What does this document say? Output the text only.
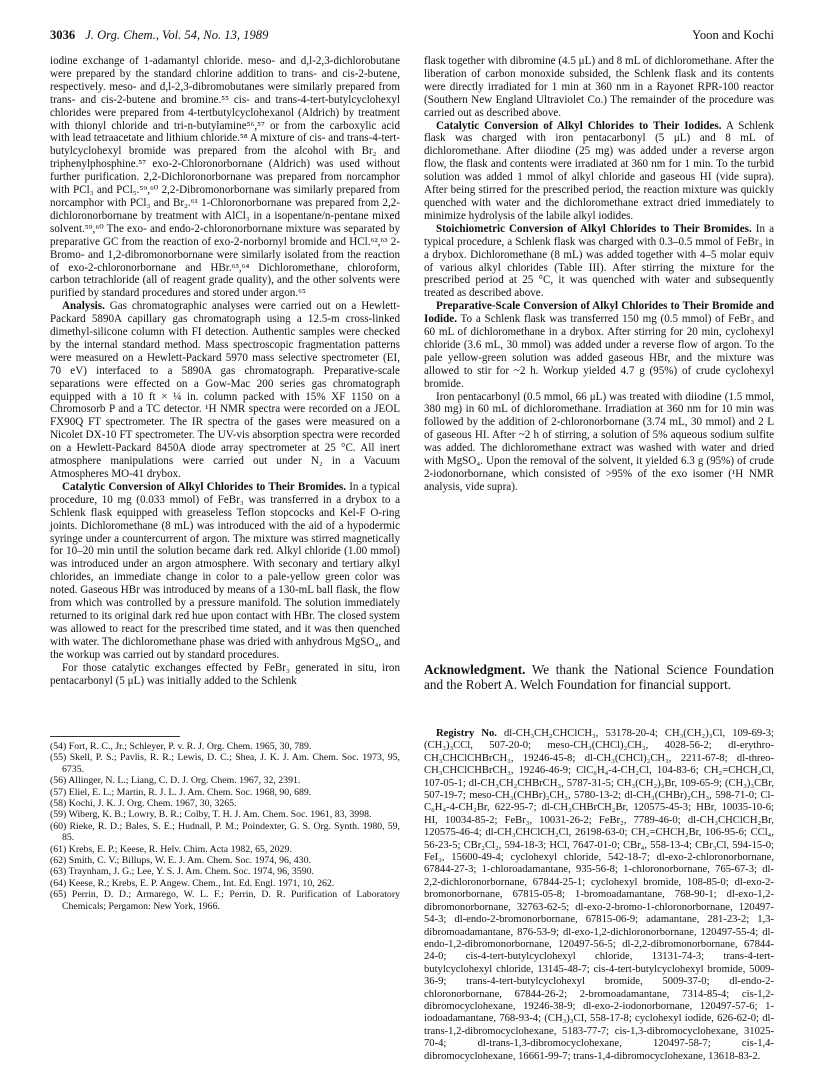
3036 J. Org. Chem., Vol. 54, No. 13, 1989	Yoon and Kochi

iodine exchange of 1-adamantyl chloride. meso- and d,l-2,3-dichlorobutane were prepared by the standard chlorine addition to trans- and cis-2-butene, respectively. meso- and d,l-2,3-dibromobutanes were similarly prepared from trans- and cis-2-butene and bromine.⁵⁵ cis- and trans-4-tert-butylcyclohexyl chlorides were prepared from 4-tertbutylcyclohexanol (Aldrich) by treatment with thionyl chloride and tri-n-butylamine⁵⁶,⁵⁷ or from the carboxylic acid with lead tetraacetate and lithium chloride.⁵⁸ A mixture of cis- and trans-4-tert-butylcyclohexyl bromide was prepared from the alcohol with Br₂ and triphenylphosphine.⁵⁷ exo-2-Chloronorbornane (Aldrich) was used without further purification. 2,2-Dichloronorbornane was prepared from norcamphor with PCl₃ and PCl₅.⁵⁹,⁶⁰ 2,2-Dibromonorbornane was similarly prepared from norcamphor with PCl₃ and Br₂.⁶¹ 1-Chloronorbornane was prepared from 2,2-dichloronorbornane by treatment with AlCl₃ in a isopentane/n-pentane mixed solvent.⁵⁹,⁶⁰ The exo- and endo-2-chloronorbornane mixture was separated by preparative GC from the reaction of exo-2-norbornyl bromide and HCl.⁶²,⁶³ 2-Bromo- and 1,2-dibromonorbornane were similarly isolated from the reaction of exo-2-chloronorbornane and HBr.⁶³,⁶⁴ Dichloromethane, chloroform, carbon tetrachloride (all of reagent grade quality), and the other solvents were purified by standard procedures and stored under argon.⁶⁵

Analysis. Gas chromatographic analyses were carried out on a Hewlett-Packard 5890A capillary gas chromatograph using a 12.5-m cross-linked dimethyl-silicone column with FI detection. Authentic samples were checked by the internal standard method. Mass spectroscopic fragmentation patterns were measured on a Hewlett-Packard 5970 mass selective spectrometer (EI, 70 eV) interfaced to a 5890A gas chromatograph. Preparative-scale separations were effected on a Gow-Mac 200 series gas chromatograph equipped with a 10 ft × ¼ in. column packed with 15% XF 1150 on a Chromosorb P and a TC detector. ¹H NMR spectra were recorded on a JEOL FX90Q FT spectrometer. The IR spectra of the gases were measured on a Nicolet DX-10 FT spectrometer. The UV-vis absorption spectra were recorded on a Hewlett-Packard 8450A diode array spectrometer at 25 °C. All inert atmosphere manipulations were carried out under N₂ in a Vacuum Atmospheres MO-41 drybox.

Catalytic Conversion of Alkyl Chlorides to Their Bromides. In a typical procedure, 10 mg (0.033 mmol) of FeBr₃ was transferred in a drybox to a Schlenk flask equipped with greaseless Teflon stopcocks and Kel-F O-ring joints. Dichloromethane (8 mL) was introduced with the aid of a hypodermic syringe under a countercurrent of argon. The mixture was stirred magnetically for 10–20 min until the solution became dark red. Alkyl chloride (1.00 mmol) was introduced under an argon atmosphere. With seconary and tertiary alkyl chlorides, an immediate change in color to a pale-yellow green color was noted. Gaseous HBr was introduced by means of a 130-mL ball flask, the flow from which was controlled by a pressure manifold. The solution immediately returned to its original dark red hue upon contact with HBr. The closed system was allowed to react for the prescribed time stated, and it was then quenched with water. The dichloromethane phase was dried with anhydrous MgSO₄, and the workup was carried out by standard procedures.

For those catalytic exchanges effected by FeBr₃ generated in situ, iron pentacarbonyl (5 μL) was initially added to the Schlenk

(54) Fort, R. C., Jr.; Schleyer, P. v. R. J. Org. Chem. 1965, 30, 789.

(55) Skell, P. S.; Pavlis, R. R.; Lewis, D. C.; Shea, J. K. J. Am. Chem. Soc. 1973, 95, 6735.

(56) Allinger, N. L.; Liang, C. D. J. Org. Chem. 1967, 32, 2391.

(57) Eliel, E. L.; Martin, R. J. L. J. Am. Chem. Soc. 1968, 90, 689.

(58) Kochi, J. K. J. Org. Chem. 1967, 30, 3265.

(59) Wiberg, K. B.; Lowry, B. R.; Colby, T. H. J. Am. Chem. Soc. 1961, 83, 3998.

(60) Rieke, R. D.; Bales, S. E.; Hudnall, P. M.; Poindexter, G. S. Org. Synth. 1980, 59, 85.

(61) Krebs, E. P.; Keese, R. Helv. Chim. Acta 1982, 65, 2029.

(62) Smith, C. V.; Billups, W. E. J. Am. Chem. Soc. 1974, 96, 430.

(63) Traynham, J. G.; Lee, Y. S. J. Am. Chem. Soc. 1974, 96, 3590.

(64) Keese, R.; Krebs, E. P. Angew. Chem., Int. Ed. Engl. 1971, 10, 262.

(65) Perrin, D. D.; Armarego, W. L. F.; Perrin, D. R. Purification of Laboratory Chemicals; Pergamon: New York, 1966.

flask together with dibromine (4.5 μL) and 8 mL of dichloromethane. After the liberation of carbon monoxide subsided, the Schlenk flask and its contents were directly irradiated for 1 min at 360 nm in a Rayonet RPR-100 reactor (Southern New England Ultraviolet Co.) The remainder of the procedure was carried out as described above.

Catalytic Conversion of Alkyl Chlorides to Their Iodides. A Schlenk flask was charged with iron pentacarbonyl (5 μL) and 8 mL of dichloromethane. After diiodine (25 mg) was added under a reverse argon flow, the flask and contents were irradiated at 360 nm for 1 min. To the turbid solution was added 1 mmol of alkyl chloride and gaseous HI (vide supra). After being stirred for the prescribed period, the reaction mixture was quickly quenched with water and the dichloromethane extract dried immediately to minimize hydrolysis of the labile alkyl iodides.

Stoichiometric Conversion of Alkyl Chlorides to Their Bromides. In a typical procedure, a Schlenk flask was charged with 0.3–0.5 mmol of FeBr₃ in a drybox. Dichloromethane (8 mL) was added together with 4–5 molar equiv of various alkyl chlorides (Table III). After stirring the mixture for the prescribed period at 25 °C, it was quenched with water and subsequently treated as described above.

Preparative-Scale Conversion of Alkyl Chlorides to Their Bromide and Iodide. To a Schlenk flask was transferred 150 mg (0.5 mmol) of FeBr₃ and 60 mL of dichloromethane in a drybox. After stirring for 20 min, cyclohexyl chloride (3.6 mL, 30 mmol) was added under a reverse flow of argon. To the pale yellow-green solution was added gaseous HBr, and the mixture was allowed to stir for ~2 h. Workup yielded 4.7 g (95%) of crude cyclohexyl bromide.

Iron pentacarbonyl (0.5 mmol, 66 μL) was treated with diiodine (1.5 mmol, 380 mg) in 60 mL of dichloromethane. Irradiation at 360 nm for 10 min was followed by the addition of 2-chloronorbornane (3.74 mL, 30 mmol) and 2 L of gaseous HI. After ~2 h of stirring, a solution of 5% aqueous sodium sulfite was added. The dichloromethane extract was washed with water and dried with MgSO₄. Upon the removal of the solvent, it yielded 6.3 g (95%) of crude 2-iodonorbornane, which consisted of >95% of the exo isomer (¹H NMR analysis, vide supra).

Acknowledgment. We thank the National Science Foundation and the Robert A. Welch Foundation for financial support.

Registry No. dl-CH₃CH₂CHClCH₃, 53178-20-4; CH₃(CH₂)₃Cl, 109-69-3; (CH₃)₃CCl, 507-20-0; meso-CH₃(CHCl)₂CH₃, 4028-56-2; dl-erythro-CH₃CHClCHBrCH₃, 19246-45-8; dl-CH₃(CHCl)₂CH₃, 2211-67-8; dl-threo-CH₃CHClCHBrCH₃, 19246-46-9; ClC₆H₄-4-CH₂Cl, 104-83-6; CH₂=CHCH₂Cl, 107-05-1; dl-CH₃CH₂CHBrCH₃, 5787-31-5; CH₃(CH₂)₃Br, 109-65-9; (CH₃)₃CBr, 507-19-7; meso-CH₃(CHBr)₂CH₃, 5780-13-2; dl-CH₃(CHBr)₂CH₃, 598-71-0; Cl-C₆H₄-4-CH₂Br, 622-95-7; dl-CH₃CHBrCH₂Br, 120575-45-3; HBr, 10035-10-6; HI, 10034-85-2; FeBr₃, 10031-26-2; FeBr₂, 7789-46-0; dl-CH₃CHClCH₂Br, 120575-46-4; dl-CH₃CHClCH₂Cl, 26198-63-0; CH₂=CHCH₂Br, 106-95-6; CCl₄, 56-23-5; CBr₂Cl₂, 594-18-3; HCl, 7647-01-0; CBr₄, 558-13-4; CBr₃Cl, 594-15-0; FeI₃, 15600-49-4; cyclohexyl chloride, 542-18-7; dl-exo-2-chloronorbornane, 67844-27-3; 1-chloroadamantane, 935-56-8; 1-chloronorbornane, 765-67-3; dl-2,2-dichloronorbornane, 67844-25-1; cyclohexyl bromide, 108-85-0; dl-exo-2-bromonorbornane, 67815-05-8; 1-bromoadamantane, 768-90-1; dl-exo-1,2-dibromonorbornane, 32763-62-5; dl-exo-2-bromo-1-chloronorbornane, 120497-54-3; dl-endo-2-bromonorbornane, 67815-06-9; adamantane, 281-23-2; 1,3-dibromoadamantane, 876-53-9; dl-exo-1,2-dichloronorbornane, 120497-55-4; dl-endo-1,2-dibromonorbornane, 120497-56-5; dl-2,2-dibromonorbornane, 67844-24-0; cis-4-tert-butylcyclohexyl chloride, 13131-74-3; trans-4-tert-butylcyclohexyl chloride, 13145-48-7; cis-4-tert-butylcyclohexyl bromide, 5009-36-9; trans-4-tert-butylcyclohexyl bromide, 5009-37-0; dl-endo-2-chloronorbornane, 67844-26-2; 2-bromoadamantane, 7314-85-4; cis-1,2-dibromocyclohexane, 19246-38-9; dl-exo-2-iodonorbornane, 120497-57-6; 1-iodoadamantane, 768-93-4; (CH₃)₃CI, 558-17-8; cyclohexyl iodide, 626-62-0; dl-trans-1,2-dibromocyclohexane, 5183-77-7; cis-1,3-dibromocyclohexane, 31025-70-4; dl-trans-1,3-dibromocyclohexane, 120497-58-7; cis-1,4-dibromocyclohexane, 16661-99-7; trans-1,4-dibromocyclohexane, 13618-83-2.
